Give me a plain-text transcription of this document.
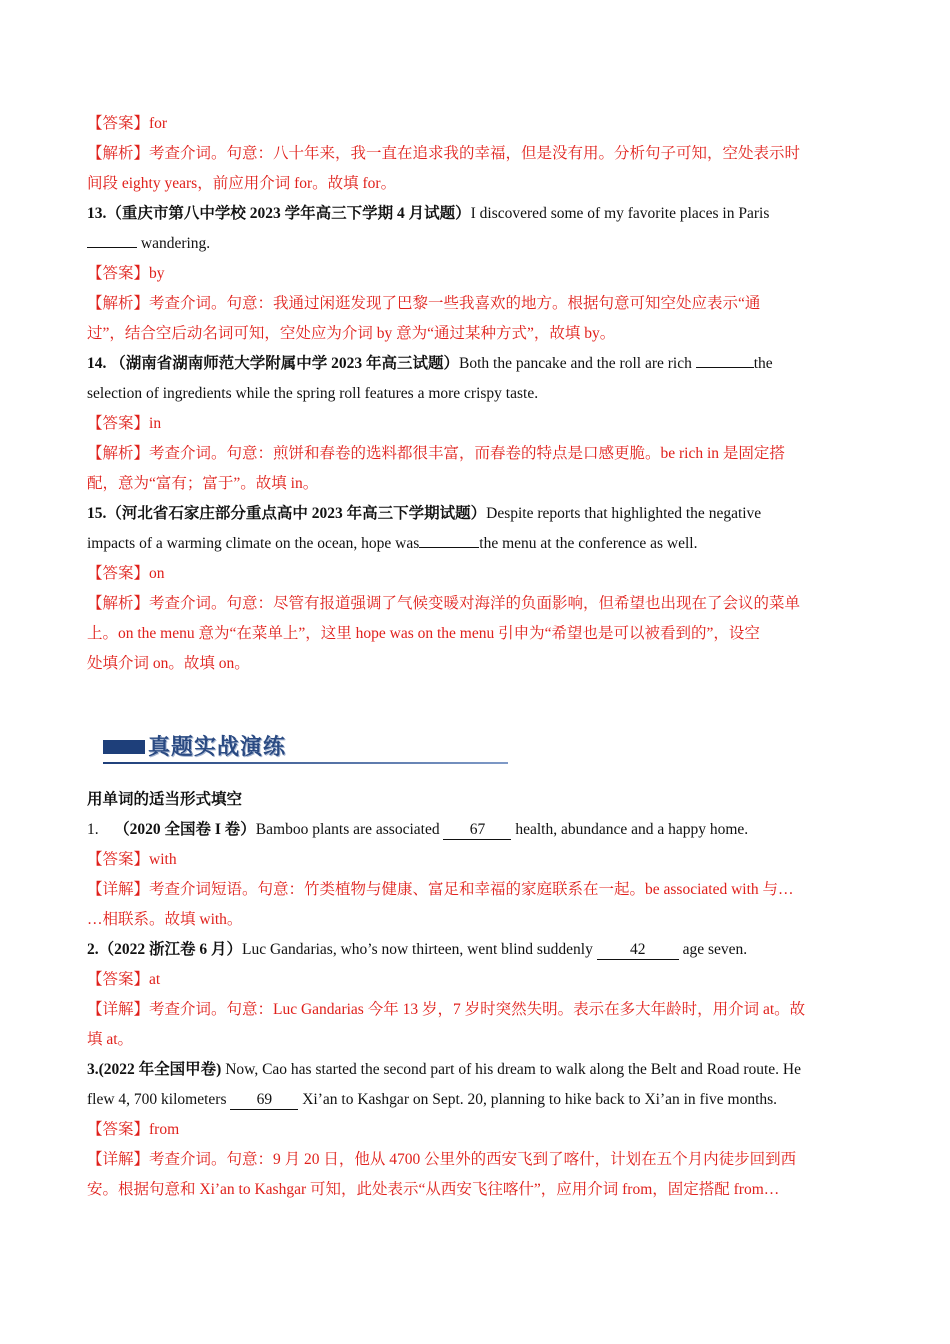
【答案】for
【解析】考查介词。句意：八十年来，我一直在追求我的幸福，但是没有用。分析句子可知，空处表示时
间段 eighty years，前应用介词 for。故填 for。
13.（重庆市第八中学校 2023 学年高三下学期 4 月试题）I discovered some of my favorite places in Paris
wandering.
【答案】by
【解析】考查介词。句意：我通过闲逛发现了巴黎一些我喜欢的地方。根据句意可知空处应表示“通
过”，结合空后动名词可知，空处应为介词 by 意为“通过某种方式”，故填 by。
14. （湖南省湖南师范大学附属中学 2023 年高三试题）Both the pancake and the roll are rich	the
selection of ingredients while the spring roll features a more crispy taste.
【答案】in
【解析】考查介词。句意：煎饼和春卷的选料都很丰富，而春卷的特点是口感更脆。be rich in 是固定搭
配，意为“富有；富于”。故填 in。
15.（河北省石家庄部分重点高中 2023 年高三下学期试题）Despite reports that highlighted the negative
impacts of a warming climate on the ocean, hope was	the menu at the conference as well.
【答案】on
【解析】考查介词。句意：尽管有报道强调了气候变暖对海洋的负面影响，但希望也出现在了会议的菜单
上。on the menu 意为“在菜单上”，这里 hope was on the menu 引申为“希望也是可以被看到的”，设空
处填介词 on。故填 on。
真题实战演练
用单词的适当形式填空
1. （2020 全国卷 I 卷）Bamboo plants are associated 67 health, abundance and a happy home.
【答案】with
【详解】考查介词短语。句意：竹类植物与健康、富足和幸福的家庭联系在一起。be associated with 与…
…相联系。故填 with。
2.（2022 浙江卷 6 月）Luc Gandarias, who’s now thirteen, went blind suddenly 42 age seven.
【答案】at
【详解】考查介词。句意：Luc Gandarias 今年 13 岁，7 岁时突然失明。表示在多大年龄时，用介词 at。故
填 at。
3.(2022 年全国甲卷) Now, Cao has started the second part of his dream to walk along the Belt and Road route. He
flew 4, 700 kilometers 69 Xi’an to Kashgar on Sept. 20, planning to hike back to Xi’an in five months.
【答案】from
【详解】考查介词。句意：9 月 20 日，他从 4700 公里外的西安飞到了喀什，计划在五个月内徒步回到西
安。根据句意和 Xi’an to Kashgar 可知，此处表示“从西安飞往喀什”，应用介词 from，固定搭配 from…
